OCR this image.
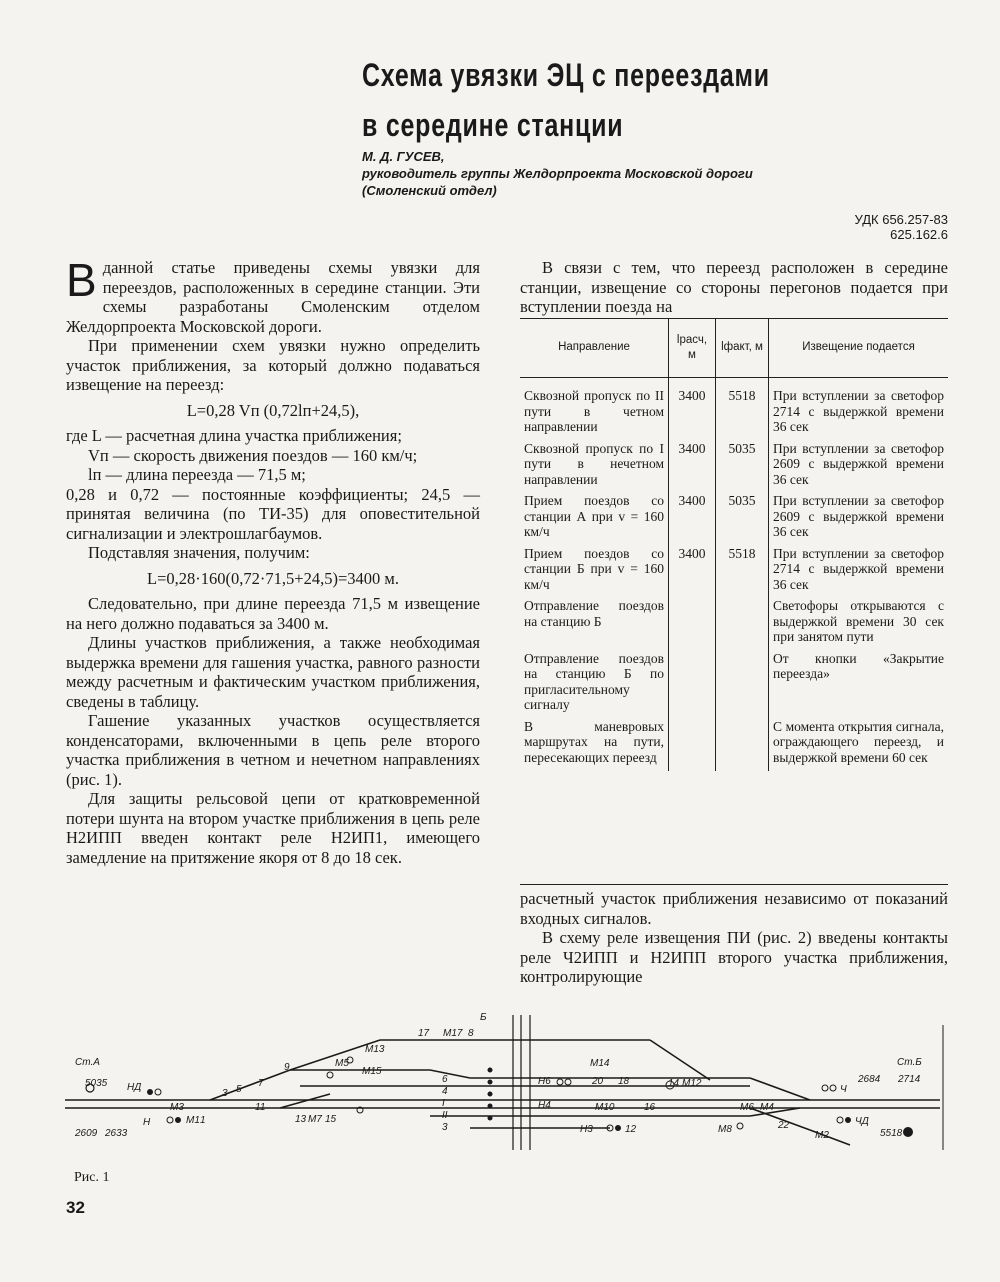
Схема увязки ЭЦ с переездами
в середине станции
М. Д. ГУСЕВ,
руководитель группы Желдорпроекта Московской дороги
(Смоленский отдел)
УДК 656.257-83
625.162.6

Вданной статье приведены схемы увязки для переездов, расположенных в середине станции. Эти схемы разработаны Смоленским отделом Желдорпроекта Московской дороги.

При применении схем увязки нужно определить участок приближения, за который должно подаваться извещение на переезд:

L=0,28 Vп (0,72lп+24,5),

где L — расчетная длина участка приближения;

Vп — скорость движения поездов — 160 км/ч;

lп — длина переезда — 71,5 м;

0,28 и 0,72 — постоянные коэффициенты; 24,5 — принятая величина (по ТИ-35) для оповестительной сигнализации и электрошлагбаумов.

Подставляя значения, получим:

L=0,28·160(0,72·71,5+24,5)=3400 м.

Следовательно, при длине переезда 71,5 м извещение на него должно подаваться за 3400 м.

Длины участков приближения, а также необходимая выдержка времени для гашения участка, равного разности между расчетным и фактическим участком приближения, сведены в таблицу.

Гашение указанных участков осуществляется конденсаторами, включенными в цепь реле второго участка приближения в четном и нечетном направлениях (рис. 1).

Для защиты рельсовой цепи от кратковременной потери шунта на втором участке приближения в цепь реле Н2ИПП введен контакт реле Н2ИП1, имеющего замедление на притяжение якоря от 8 до 18 сек.

В связи с тем, что переезд расположен в середине станции, извещение со стороны перегонов подается при вступлении поезда на

Направление	lрасч, м	lфакт, м	Извещение подается
Сквозной пропуск по II пути в четном направлении	3400	5518	При вступлении за светофор 2714 с выдержкой времени 36 сек
Сквозной пропуск по I пути в нечетном направлении	3400	5035	При вступлении за светофор 2609 с выдержкой времени 36 сек
Прием поездов со станции А при v = 160 км/ч	3400	5035	При вступлении за светофор 2609 с выдержкой времени 36 сек
Прием поездов со станции Б при v = 160 км/ч	3400	5518	При вступлении за светофор 2714 с выдержкой времени 36 сек
Отправление поездов на станцию Б			Светофоры открываются с выдержкой времени 30 сек при занятом пути
Отправление поездов на станцию Б по пригласительному сигналу			От кнопки «Закрытие переезда»
В маневровых маршрутах на пути, пересекающих переезд			С момента открытия сигнала, ограждающего переезд, и выдержкой времени 60 сек

расчетный участок приближения независимо от показаний входных сигналов.

В схему реле извещения ПИ (рис. 2) введены контакты реле Ч2ИПП и Н2ИПП второго участка приближения, контролирующие

Ст.А	Ст.Б
5035
2609 2633
НД
Н	М1 1
3 5
7
9
11
13 М7 15
М3
М5
М13
М15
М17
17	8
Б
6
4
I
II
3
Н6
Н4
Н3
М14
20 18
16
12
М10
14 М12
М6 М4
22
М8
М2
Ч
ЧД
2684 2714
5518
Рис. 1
32
